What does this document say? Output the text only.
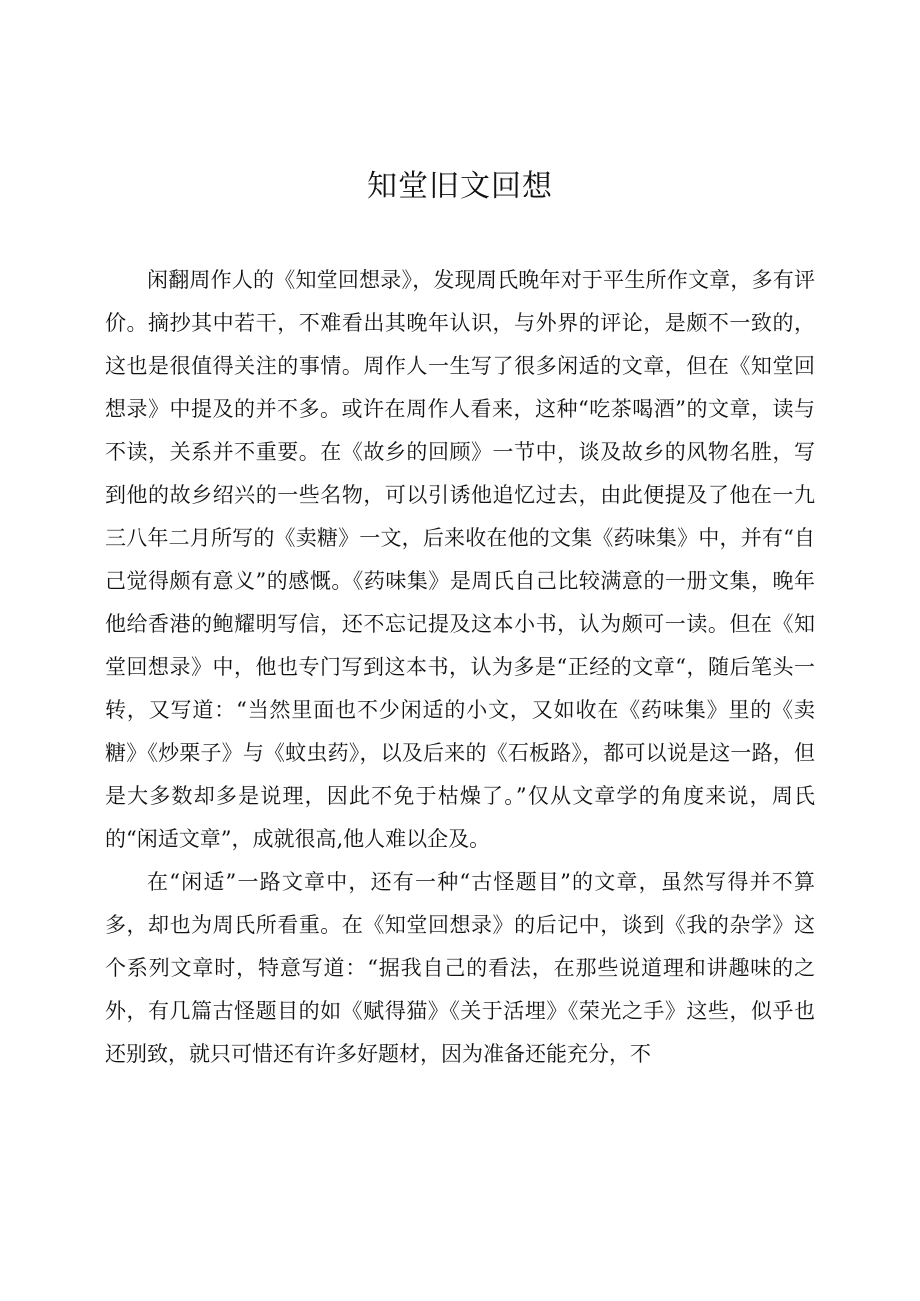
知堂旧文回想

闲翻周作人的《知堂回想录》，发现周氏晚年对于平生所作文章，多有评价。摘抄其中若干，不难看出其晚年认识，与外界的评论，是颇不一致的，这也是很值得关注的事情。周作人一生写了很多闲适的文章，但在《知堂回想录》中提及的并不多。或许在周作人看来，这种“吃茶喝酒”的文章，读与不读，关系并不重要。在《故乡的回顾》一节中，谈及故乡的风物名胜，写到他的故乡绍兴的一些名物，可以引诱他追忆过去，由此便提及了他在一九三八年二月所写的《卖糖》一文，后来收在他的文集《药味集》中，并有“自己觉得颇有意义”的感慨。《药味集》是周氏自己比较满意的一册文集，晚年他给香港的鲍耀明写信，还不忘记提及这本小书，认为颇可一读。但在《知堂回想录》中，他也专门写到这本书，认为多是“正经的文章“，随后笔头一转，又写道：“当然里面也不少闲适的小文，又如收在《药味集》里的《卖糖》《炒栗子》与《蚊虫药》，以及后来的《石板路》，都可以说是这一路，但是大多数却多是说理，因此不免于枯燥了。”仅从文章学的角度来说，周氏的“闲适文章”，成就很高,他人难以企及。

在“闲适”一路文章中，还有一种“古怪题目”的文章，虽然写得并不算多，却也为周氏所看重。在《知堂回想录》的后记中，谈到《我的杂学》这个系列文章时，特意写道：“据我自己的看法，在那些说道理和讲趣味的之外，有几篇古怪题目的如《赋得猫》《关于活埋》《荣光之手》这些，似乎也还别致，就只可惜还有许多好题材，因为准备还能充分，不
